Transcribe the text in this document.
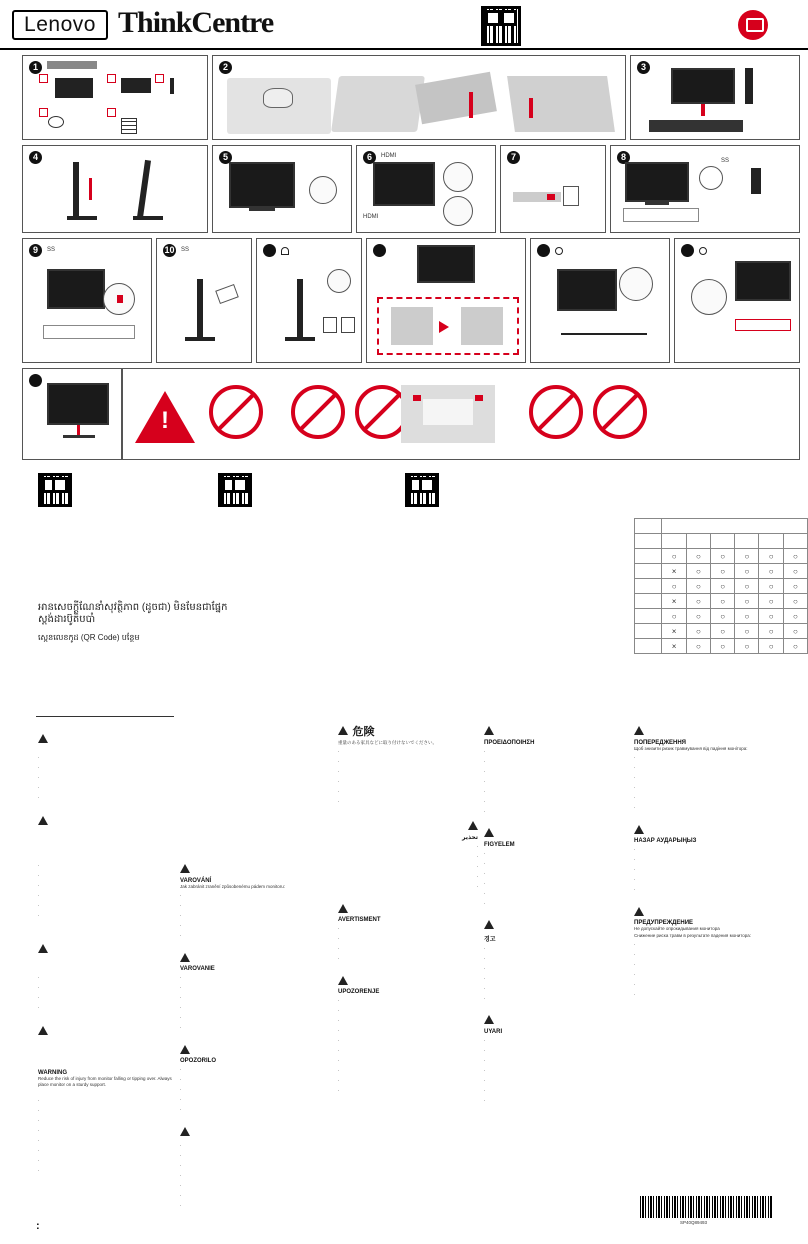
Lenovo ThinkCentre
1	2	3
4	5	6	HDMI
HDMI
7	8	SS
9	SS	10 SS
!
អានសេចក្តីណែនាំសុវត្ថិភាព (ដូចជា) មិនមែនជាផ្នែក
ស្ដង់ដារប៊ូតិបបាំ
ស្កេនលេខកូដ (QR Code) បន្ថែម

	○	○	○	○	○	○
	×	○	○	○	○	○
	○	○	○	○	○	○
	×	○	○	○	○	○
	○	○	○	○	○	○
	×	○	○	○	○	○
	×	○	○	○	○	○
.
.
.
.
.
.
.
.
.
.
.
.
.
.
.
WARNING
Reduce the risk of injury from monitor falling or tipping over. Always place monitor on a sturdy support.
.
.
.
.
.
.
.
.
VAROVÁNÍ
Jak zabránit zranění způsobenému pádem monitoru:
.
.
.
.
.
VAROVANIE
.
.
.
.
.
.
OPOZORILO
.
.
.
.
.
.
.
.
.
.
.
.
危険
重量のある家具などに取り付けないでください。
.
.
.
.
.
.
تحذير
.
.
.
.
.
AVERTISMENT
.
.
.
.
UPOZORENJE
.
.
.
.
.
.
.
.
.
.
ΠΡΟΕΙΔΟΠΟΙΗΣΗ
.
.
.
.
.
.
.
FIGYELEM
.
.
.
.
.
.
경고
.
.
.
.
.
.
UYARI
.
.
.
.
.
.
.
ПОПЕРЕДЖЕННЯ
Щоб знизити ризик травмування від падіння монітора:
.
.
.
.
.
.
НАЗАР АУДАРЫҢЫЗ
.
.
.
.
.
ПРЕДУПРЕЖДЕНИЕ
Не допускайте опрокидывания монитора
Снижение риска травм в результате падения монитора:
.
.
.
.
.
.
SP40Q89493
:
